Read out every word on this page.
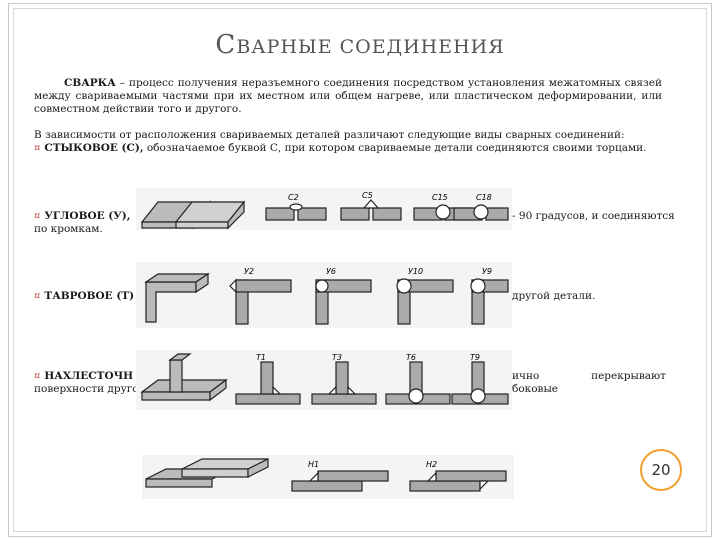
СВАРНЫЕ СОЕДИНЕНИЯ
СВАРКА – процесс получения неразъемного соединения посредством установления межатомных связей между свариваемыми частями при их местном или общем нагреве, или пластическом деформировании, или совместном действии того и другого.
В зависимости от расположения свариваемых деталей различают следующие виды сварных соединений:
¤ СТЫКОВОЕ (С), обозначаемое буквой С, при котором свариваемые детали соединяются своими торцами.
¤ УГЛОВОЕ (У),	- 90 градусов, и соединяются
по кромкам.
¤ ТАВРОВОЕ (Т)	другой детали.
¤ НАХЛЕСТОЧН	ично перекрывают боковые
поверхности друго
С2	С5	С15	С18
У2	У6	У10	У9
Т1	Т3	Т6	Т9
Н1	Н2	20
